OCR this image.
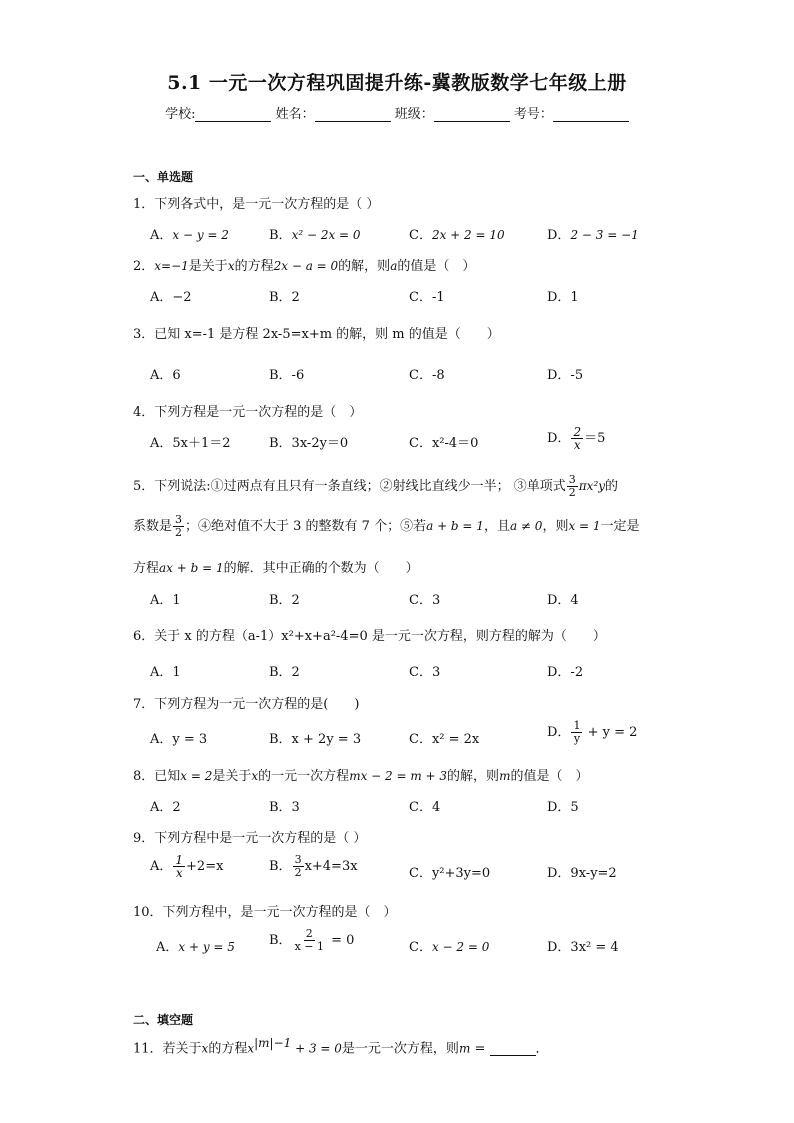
5.1 一元一次方程巩固提升练-冀教版数学七年级上册
学校:	姓名：	班级：	考号：
一、单选题
1．下列各式中，是一元一次方程的是（ ）
A．x − y = 2	B．x² − 2x = 0	C．2x + 2 = 10	D．2 − 3 = −1
2．x=−1是关于x的方程2x − a = 0的解，则a的值是（　）
A．−2	B．2	C．-1	D．1
3．已知 x=-1 是方程 2x-5=x+m 的解，则 m 的值是（　　）
A．6	B．-6	C．-8	D．-5
4．下列方程是一元一次方程的是（　）
A．5x＋1＝2	B．3x-2y＝0	C．x²-4＝0	D． $\frac{2}{x} =5$
5．下列说法:①过两点有且只有一条直线；②射线比直线少一半； ③单项式 $\frac{3}{2} \pi x^2y$的
系数是 $\frac{3}{2}$ ；④绝对值不大于 3 的整数有 7 个；⑤若a + b = 1，且a ≠ 0，则x = 1一定是
方程ax + b = 1的解．其中正确的个数为（　　）
A．1	B．2	C．3	D．4
6．关于 x 的方程（a-1）x²+x+a²-4=0 是一元一次方程，则方程的解为（　　）
A．1	B．2	C．3	D．-2
7．下列方程为一元一次方程的是(　　)
A．y = 3	B．x + 2y = 3	C．x² = 2x	D． $\frac{1}{y} + y = 2$
8．已知x = 2是关于x的一元一次方程mx − 2 = m + 3的解，则m的值是（　）
A．2	B．3	C．4	D．5
9．下列方程中是一元一次方程的是（ ）
A． $\frac{1}{x} +2=x$	B． $\frac{3}{2} x+4=3x$	C．y²+3y=0	D．9x-y=2
10．下列方程中，是一元一次方程的是（　）
A．x + y = 5	B． $\frac{2}{x - 1} = 0$	C．x − 2 = 0	D．3x² = 4
二、填空题
11．若关于x的方程$x^{|m|-1} + 3 = 0$是一元一次方程，则m =	．
